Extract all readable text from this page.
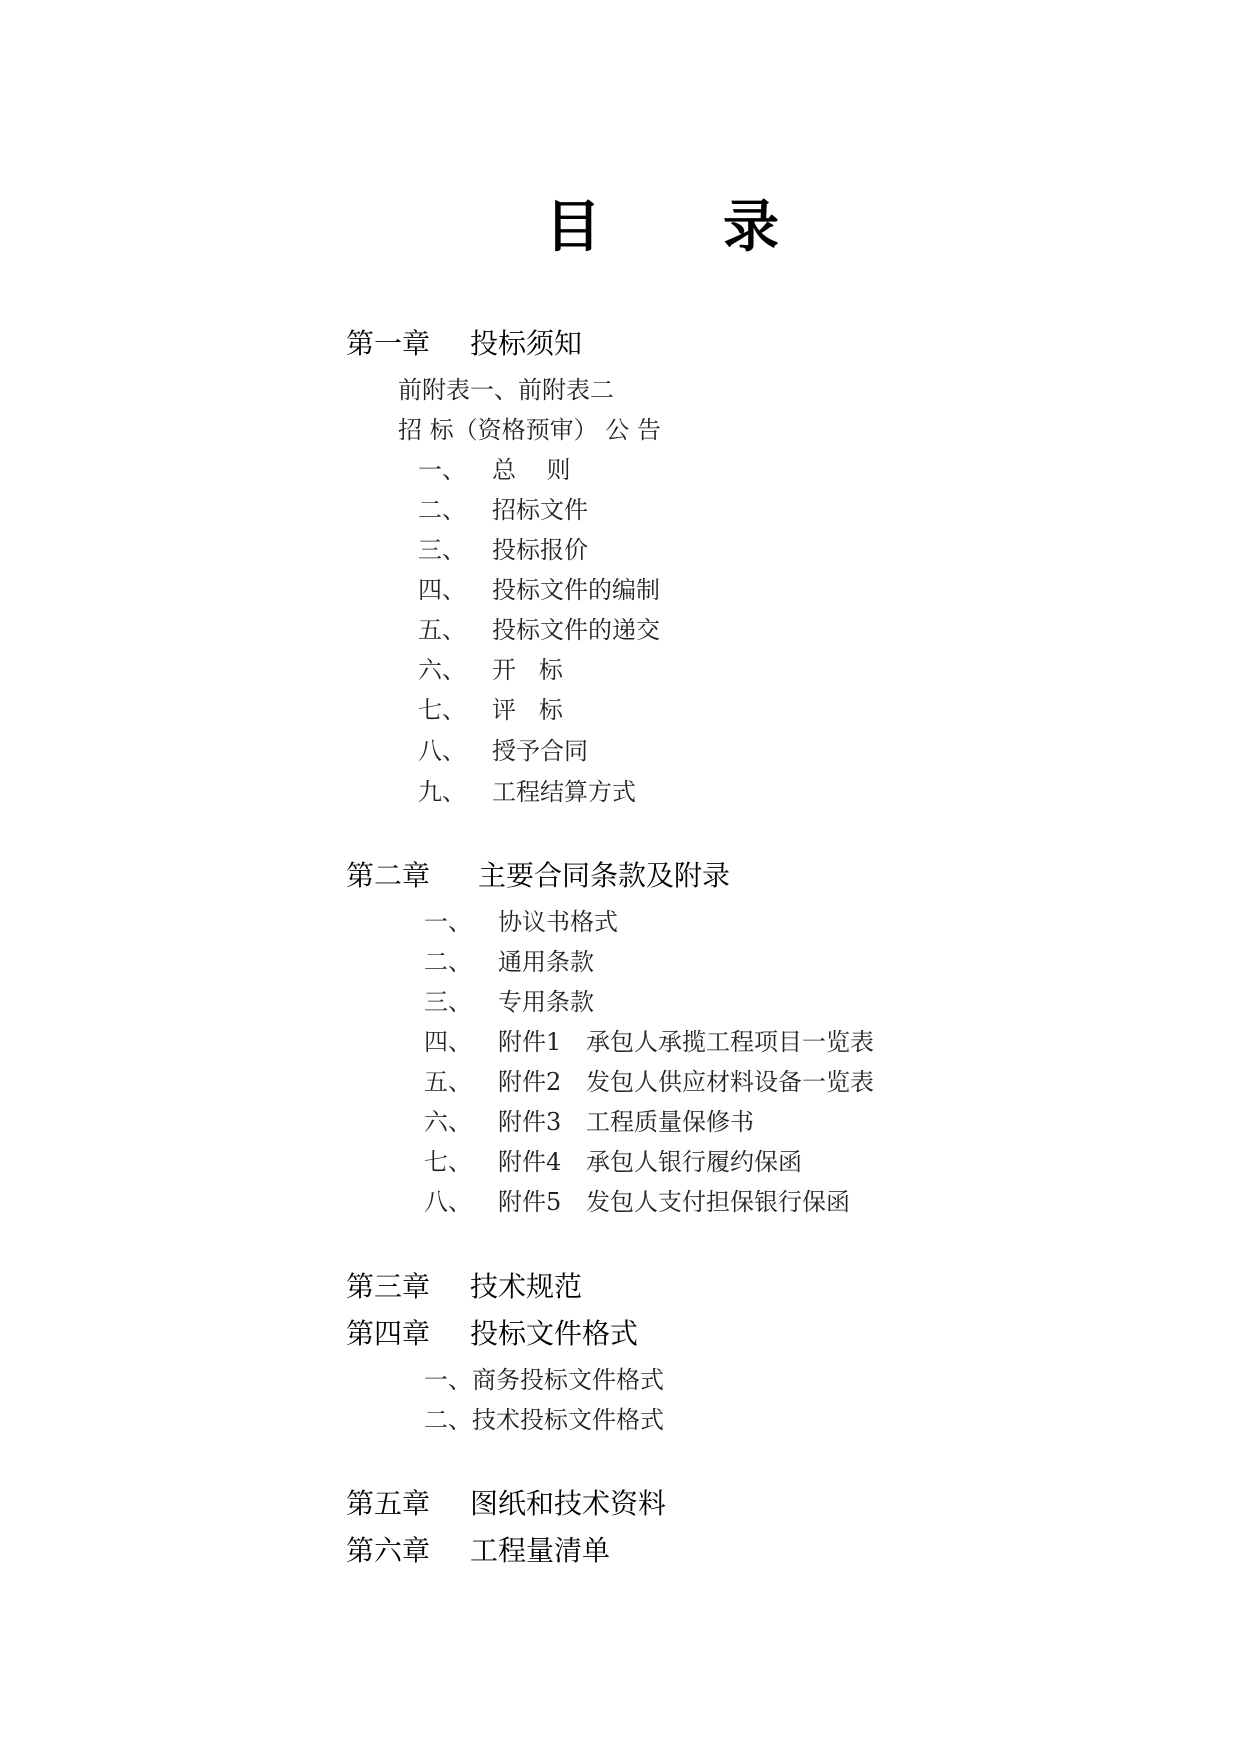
目 录
第一章 投标须知
前附表一、前附表二
招 标（资格预审） 公 告
一、 总    则
二、 招标文件
三、 投标报价
四、 投标文件的编制
五、 投标文件的递交
六、 开   标
七、 评   标
八、 授予合同
九、 工程结算方式
第二章 主要合同条款及附录
一、 协议书格式
二、 通用条款
三、 专用条款
四、 附件1 承包人承揽工程项目一览表
五、 附件2 发包人供应材料设备一览表
六、 附件3 工程质量保修书
七、 附件4 承包人银行履约保函
八、 附件5 发包人支付担保银行保函
第三章 技术规范
第四章 投标文件格式
一、商务投标文件格式
二、技术投标文件格式
第五章 图纸和技术资料
第六章 工程量清单
